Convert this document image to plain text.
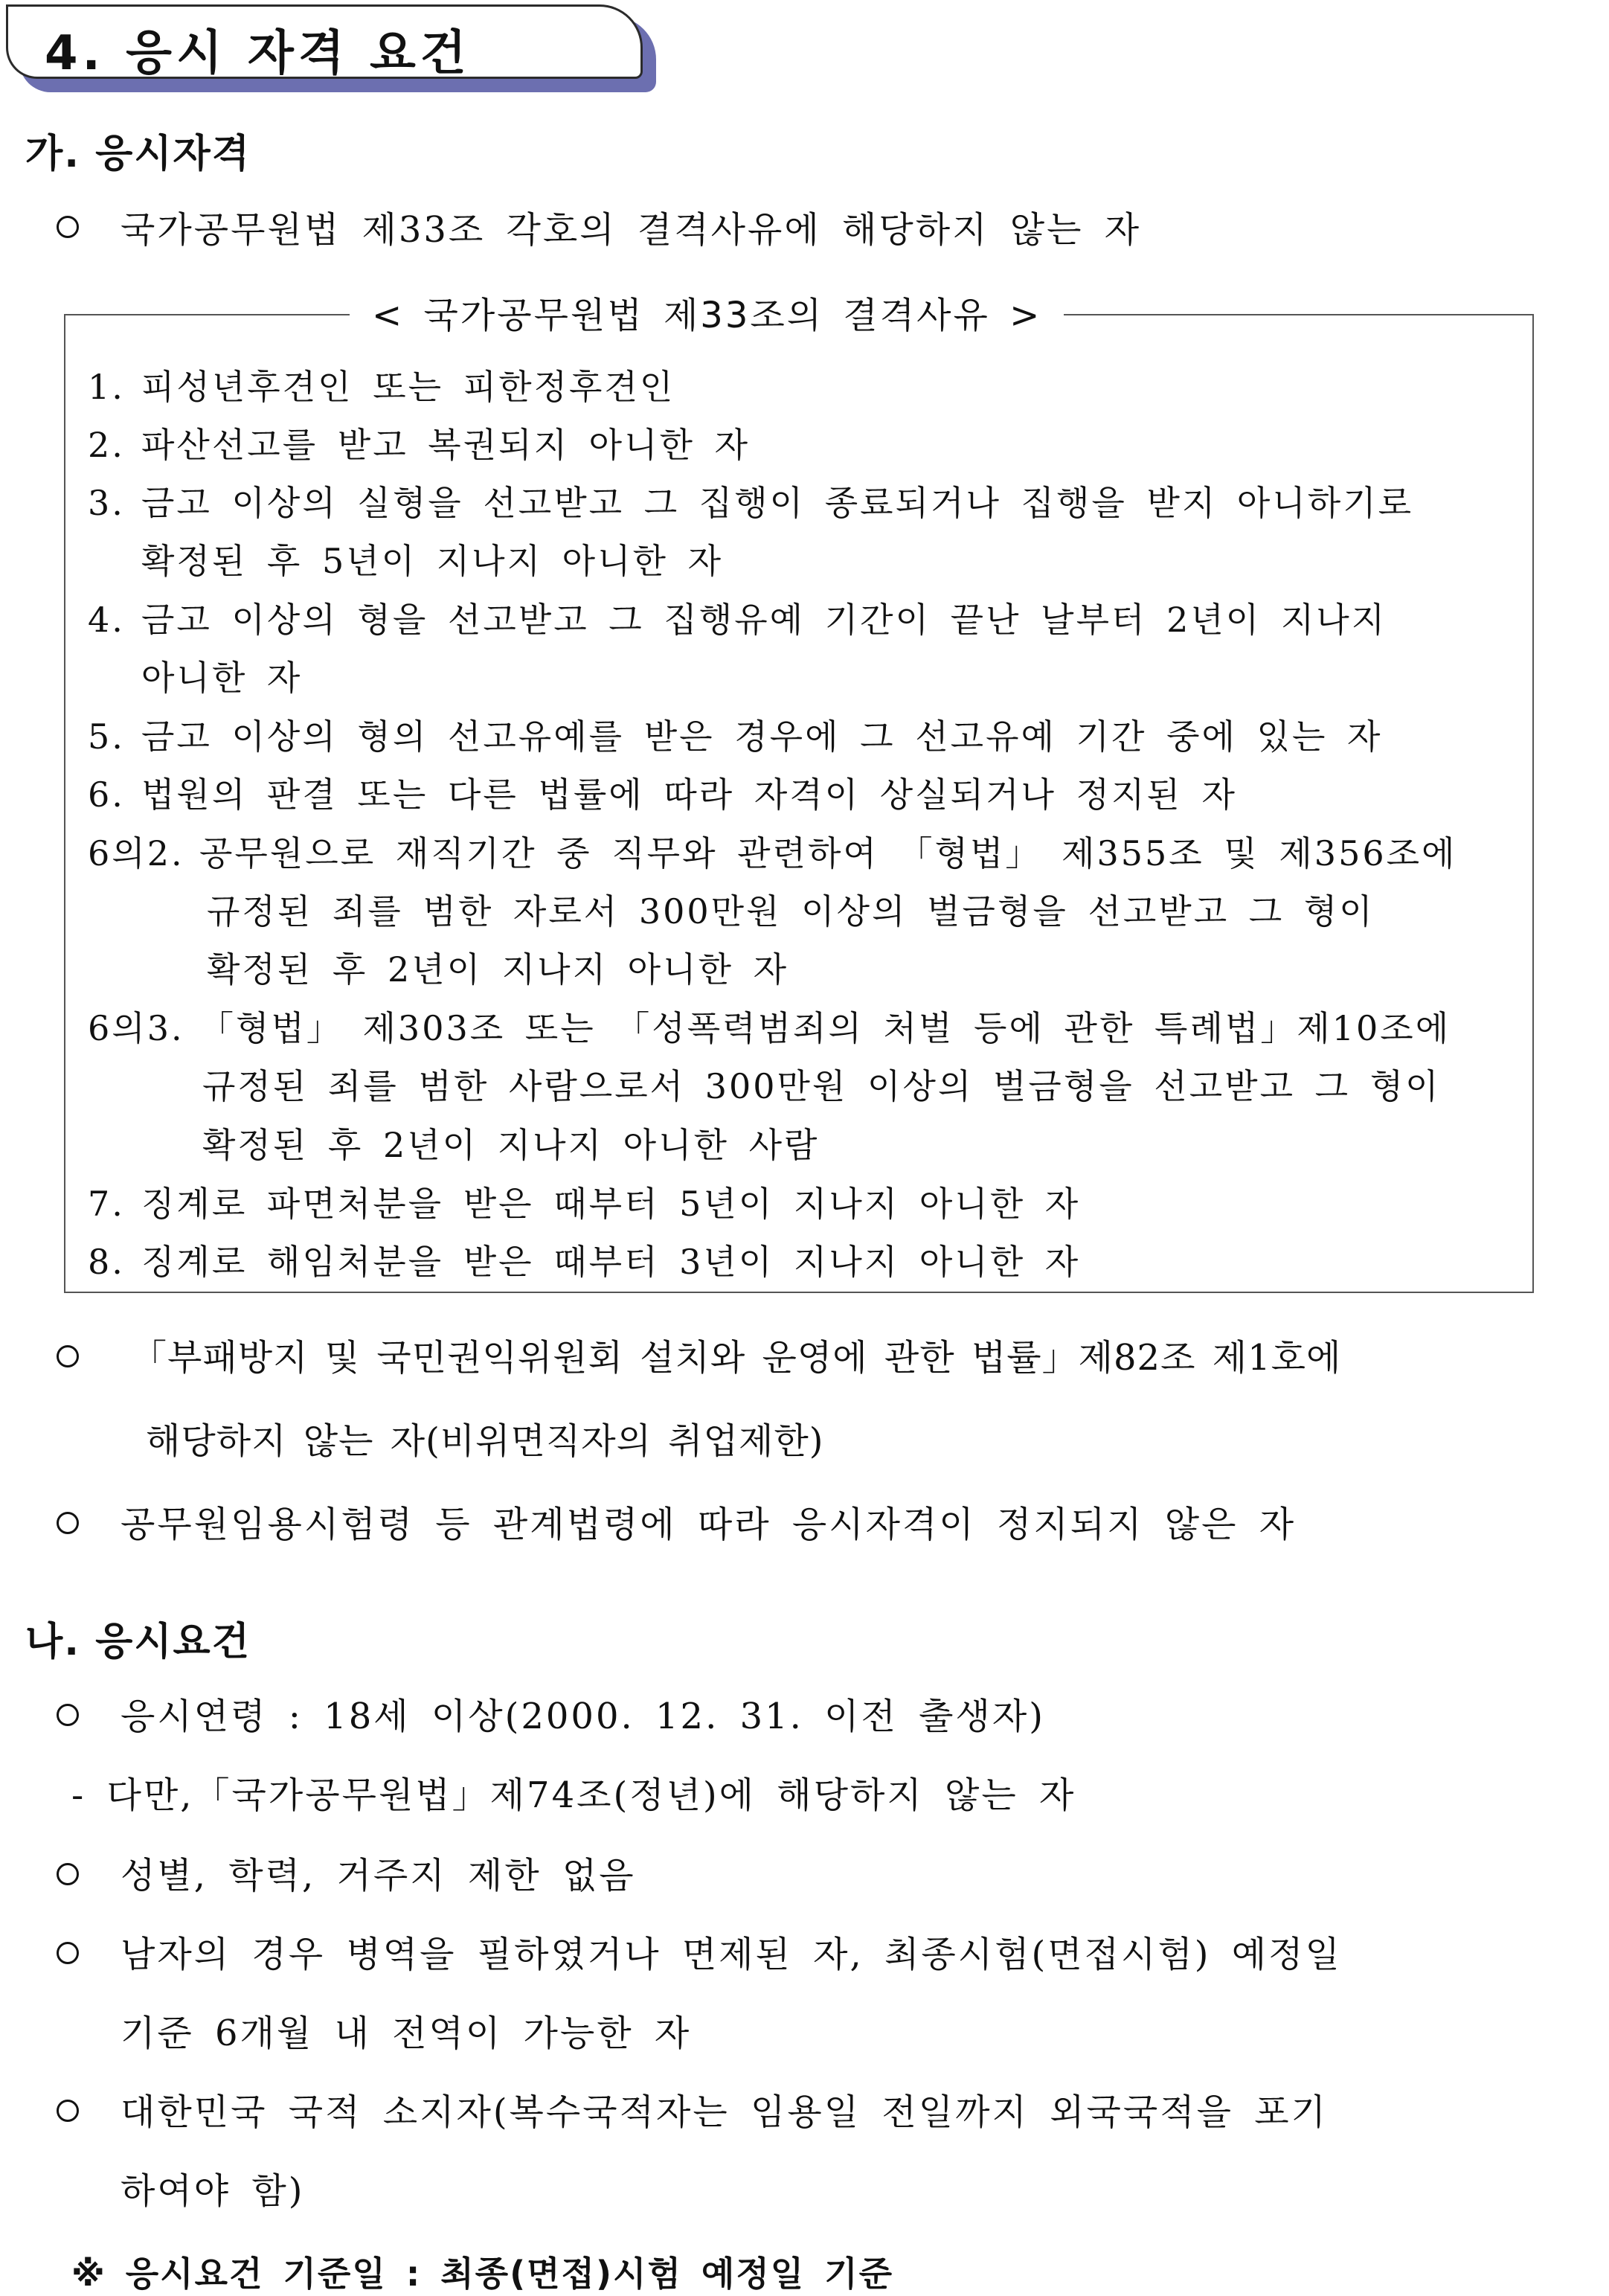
4. 응시 자격 요건
가. 응시자격
국가공무원법 제33조 각호의 결격사유에 해당하지 않는 자
< 국가공무원법 제33조의 결격사유 >
1. 피성년후견인 또는 피한정후견인
2. 파산선고를 받고 복권되지 아니한 자
3. 금고 이상의 실형을 선고받고 그 집행이 종료되거나 집행을 받지 아니하기로
확정된 후 5년이 지나지 아니한 자
4. 금고 이상의 형을 선고받고 그 집행유예 기간이 끝난 날부터 2년이 지나지
아니한 자
5. 금고 이상의 형의 선고유예를 받은 경우에 그 선고유예 기간 중에 있는 자
6. 법원의 판결 또는 다른 법률에 따라 자격이 상실되거나 정지된 자
6의2. 공무원으로 재직기간 중 직무와 관련하여 「형법」 제355조 및 제356조에
규정된 죄를 범한 자로서 300만원 이상의 벌금형을 선고받고 그 형이
확정된 후 2년이 지나지 아니한 자
6의3. 「형법」 제303조 또는 「성폭력범죄의 처벌 등에 관한 특례법」제10조에
규정된 죄를 범한 사람으로서 300만원 이상의 벌금형을 선고받고 그 형이
확정된 후 2년이 지나지 아니한 사람
7. 징계로 파면처분을 받은 때부터 5년이 지나지 아니한 자
8. 징계로 해임처분을 받은 때부터 3년이 지나지 아니한 자
「부패방지 및 국민권익위원회 설치와 운영에 관한 법률」제82조 제1호에
해당하지 않는 자(비위면직자의 취업제한)
공무원임용시험령 등 관계법령에 따라 응시자격이 정지되지 않은 자
나. 응시요건
응시연령 : 18세 이상(2000. 12. 31. 이전 출생자)
- 다만,「국가공무원법」제74조(정년)에 해당하지 않는 자
성별, 학력, 거주지 제한 없음
남자의 경우 병역을 필하였거나 면제된 자, 최종시험(면접시험) 예정일
기준 6개월 내 전역이 가능한 자
대한민국 국적 소지자(복수국적자는 임용일 전일까지 외국국적을 포기
하여야 함)
※ 응시요건 기준일 : 최종(면접)시험 예정일 기준
